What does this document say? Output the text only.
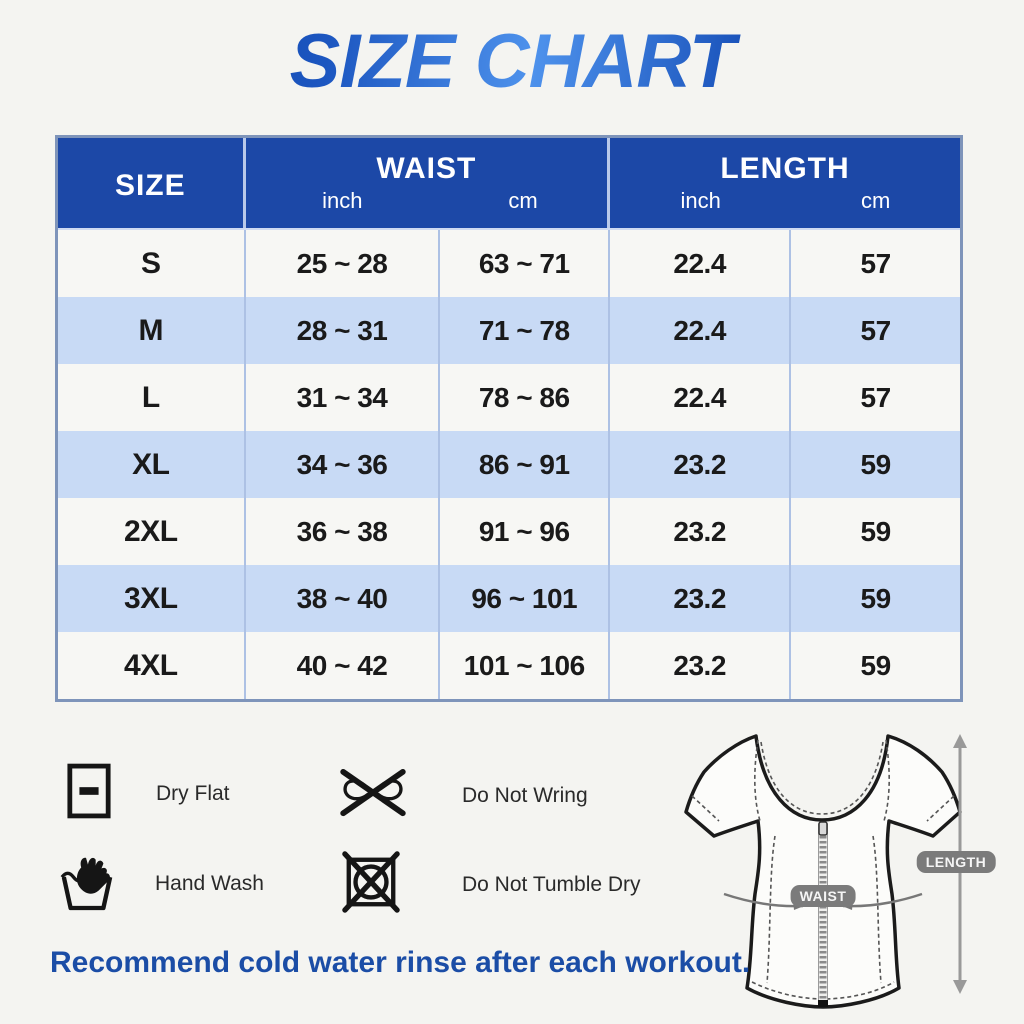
SIZE CHART
SIZE
WAIST
inch	cm
LENGTH
inch	cm
S	25 ~ 28	63 ~ 71	22.4	57
M	28 ~ 31	71 ~ 78	22.4	57
L	31 ~ 34	78 ~ 86	22.4	57
XL	34 ~ 36	86 ~ 91	23.2	59
2XL	36 ~ 38	91 ~ 96	23.2	59
3XL	38 ~ 40	96 ~ 101	23.2	59
4XL	40 ~ 42	101 ~ 106	23.2	59
Dry Flat	Do Not Wring
Hand Wash	Do Not Tumble Dry
WAIST
LENGTH
Recommend cold water rinse after each workout.
